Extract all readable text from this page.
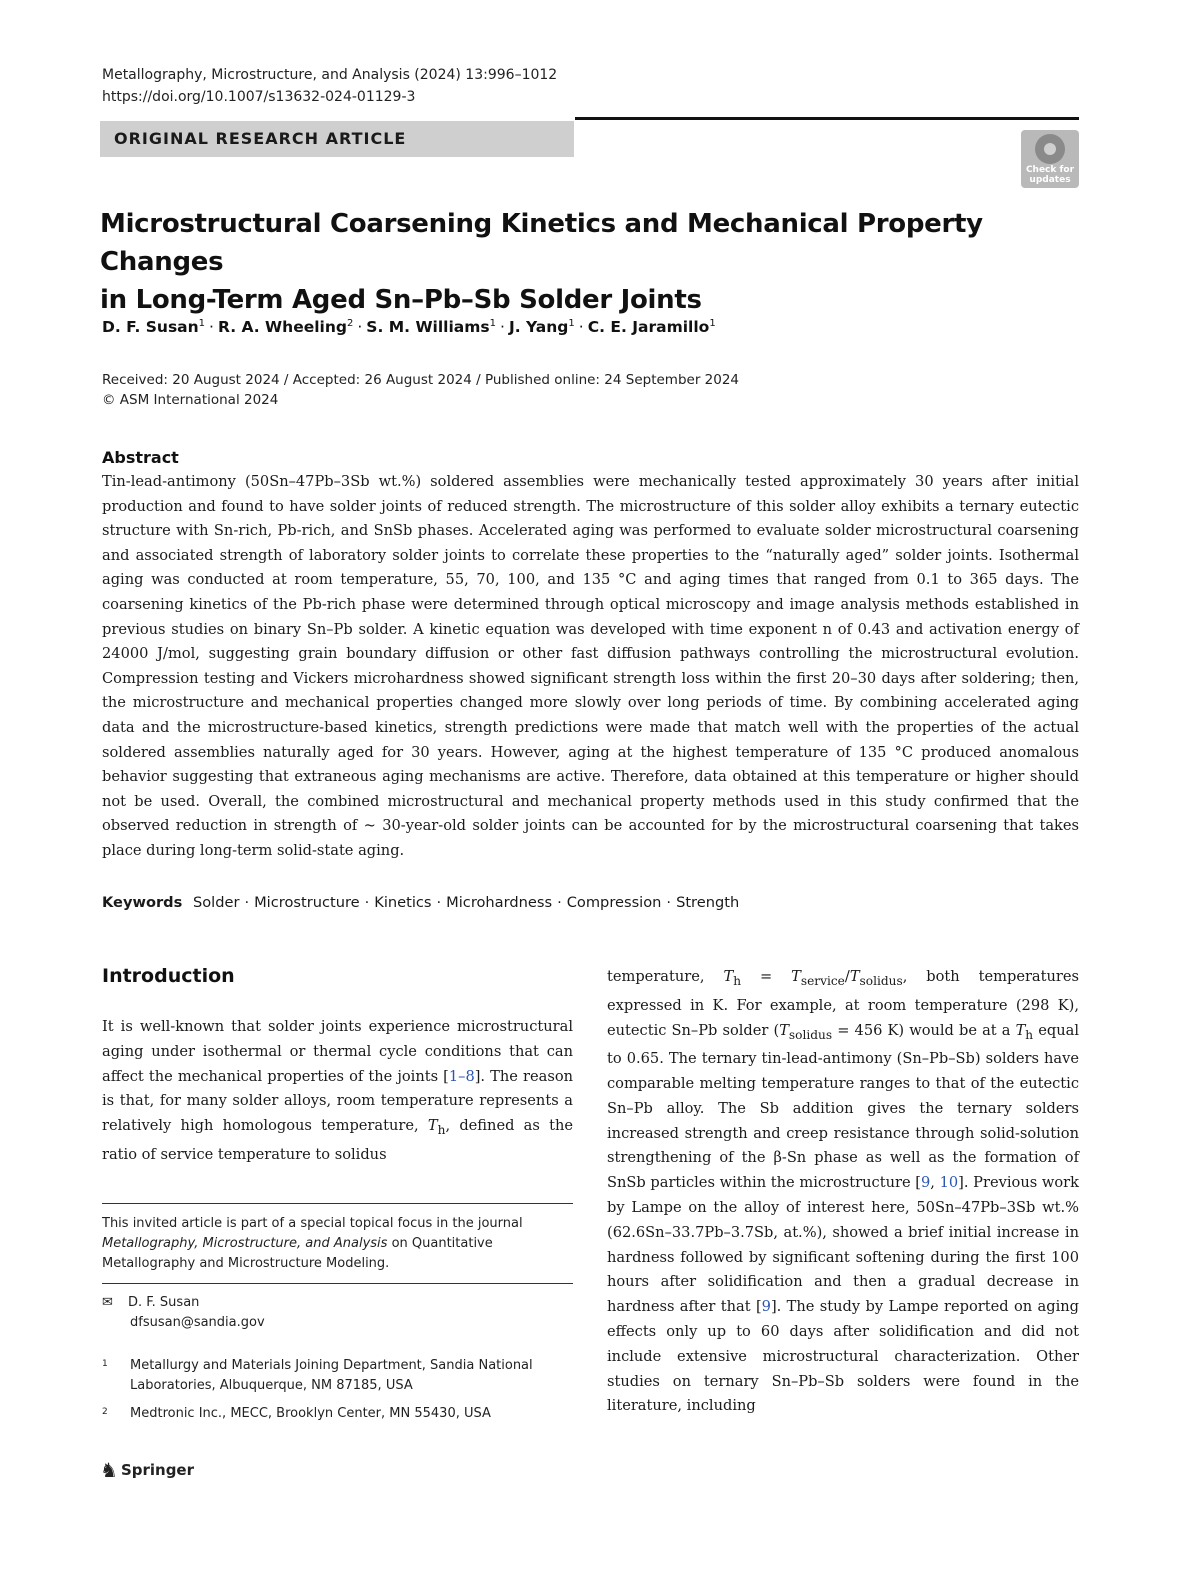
Metallography, Microstructure, and Analysis (2024) 13:996–1012
https://doi.org/10.1007/s13632-024-01129-3
ORIGINAL RESEARCH ARTICLE
Check for updates
Microstructural Coarsening Kinetics and Mechanical Property Changes
in Long-Term Aged Sn–Pb–Sb Solder Joints
D. F. Susan$^1$ · R. A. Wheeling$^2$ · S. M. Williams$^1$ · J. Yang$^1$ · C. E. Jaramillo$^1$
Received: 20 August 2024 / Accepted: 26 August 2024 / Published online: 24 September 2024
© ASM International 2024
Abstract
Tin-lead-antimony (50Sn–47Pb–3Sb wt.%) soldered assemblies were mechanically tested approximately 30 years after initial production and found to have solder joints of reduced strength. The microstructure of this solder alloy exhibits a ternary eutectic structure with Sn-rich, Pb-rich, and SnSb phases. Accelerated aging was performed to evaluate solder microstructural coarsening and associated strength of laboratory solder joints to correlate these properties to the “naturally aged” solder joints. Isothermal aging was conducted at room temperature, 55, 70, 100, and 135 °C and aging times that ranged from 0.1 to 365 days. The coarsening kinetics of the Pb-rich phase were determined through optical microscopy and image analysis methods established in previous studies on binary Sn–Pb solder. A kinetic equation was developed with time exponent n of 0.43 and activation energy of 24000 J/mol, suggesting grain boundary diffusion or other fast diffusion pathways controlling the microstructural evolution. Compression testing and Vickers microhardness showed significant strength loss within the first 20–30 days after soldering; then, the microstructure and mechanical properties changed more slowly over long periods of time. By combining accelerated aging data and the microstructure-based kinetics, strength predictions were made that match well with the properties of the actual soldered assemblies naturally aged for 30 years. However, aging at the highest temperature of 135 °C produced anomalous behavior suggesting that extraneous aging mechanisms are active. Therefore, data obtained at this temperature or higher should not be used. Overall, the combined microstructural and mechanical property methods used in this study confirmed that the observed reduction in strength of ~ 30-year-old solder joints can be accounted for by the microstructural coarsening that takes place during long-term solid-state aging.
Keywords Solder · Microstructure · Kinetics · Microhardness · Compression · Strength
Introduction
It is well-known that solder joints experience microstructural aging under isothermal or thermal cycle conditions that can affect the mechanical properties of the joints [1–8]. The reason is that, for many solder alloys, room temperature represents a relatively high homologous temperature, $T_h$, defined as the ratio of service temperature to solidus
temperature, $T_h = T_{service}/T_{solidus}$, both temperatures expressed in K. For example, at room temperature (298 K), eutectic Sn–Pb solder ($T_{solidus} = 456$ K) would be at a $T_h$ equal to 0.65. The ternary tin-lead-antimony (Sn–Pb–Sb) solders have comparable melting temperature ranges to that of the eutectic Sn–Pb alloy. The Sb addition gives the ternary solders increased strength and creep resistance through solid-solution strengthening of the β-Sn phase as well as the formation of SnSb particles within the microstructure [9, 10]. Previous work by Lampe on the alloy of interest here, 50Sn–47Pb–3Sb wt.% (62.6Sn–33.7Pb–3.7Sb, at.%), showed a brief initial increase in hardness followed by significant softening during the first 100 hours after solidification and then a gradual decrease in hardness after that [9]. The study by Lampe reported on aging effects only up to 60 days after solidification and did not include extensive microstructural characterization. Other studies on ternary Sn–Pb–Sb solders were found in the literature, including
This invited article is part of a special topical focus in the journal Metallography, Microstructure, and Analysis on Quantitative Metallography and Microstructure Modeling.
✉ D. F. Susan
dfsusan@sandia.gov
1	Metallurgy and Materials Joining Department, Sandia National Laboratories, Albuquerque, NM 87185, USA
2	Medtronic Inc., MECC, Brooklyn Center, MN 55430, USA
♞ Springer
